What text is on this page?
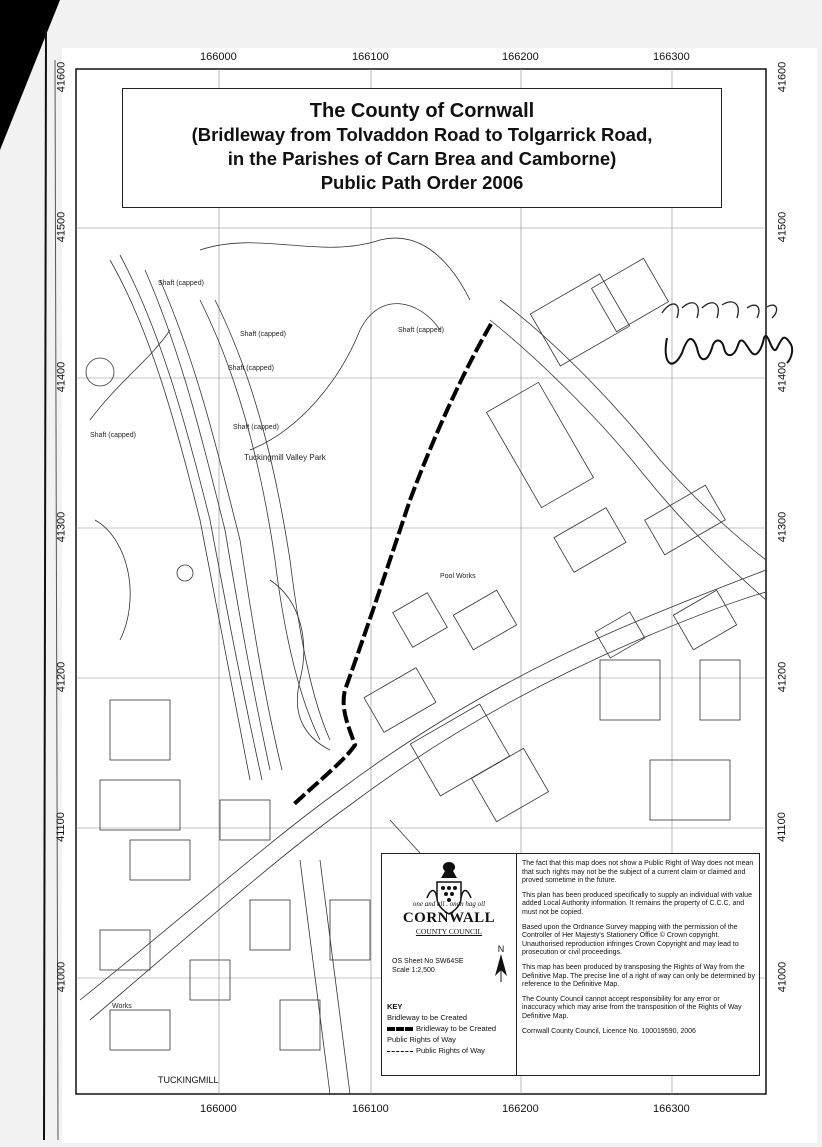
166000	166100	166200	166300
166000	166100	166200	166300
41600
41500
41400
41300
41200
41100
41000
41600
41500
41400
41300
41200
41100
41000
The County of Cornwall
(Bridleway from Tolvaddon Road to Tolgarrick Road,
in the Parishes of Carn Brea and Camborne)
Public Path Order 2006
Tuckingmill Valley Park
Shaft (capped)
Shaft (capped)
Shaft (capped)
Shaft (capped)
Shaft (capped)
Shaft (capped)
Pool Works
Works
TUCKINGMILL
one and all . onan hag oll
CORNWALL
COUNTY COUNCIL
N
OS Sheet No SW64SE
Scale 1:2,500
KEY
Bridleway to be Created
Bridleway to be Created
Public Rights of Way
Public Rights of Way

The fact that this map does not show a Public Right of Way does not mean that such rights may not be the subject of a current claim or claimed and proved sometime in the future.

This plan has been produced specifically to supply an individual with value added Local Authority information. It remains the property of C.C.C, and must not be copied.

Based upon the Ordnance Survey mapping with the permission of the Controller of Her Majesty's Stationery Office © Crown copyright. Unauthorised reproduction infringes Crown Copyright and may lead to prosecution or civil proceedings.

This map has been produced by transposing the Rights of Way from the Definitive Map. The precise line of a right of way can only be determined by reference to the Definitive Map.

The County Council cannot accept responsibility for any error or inaccuracy which may arise from the transposition of the Rights of Way Definitive Map.

Cornwall County Council, Licence No. 100019590, 2006
